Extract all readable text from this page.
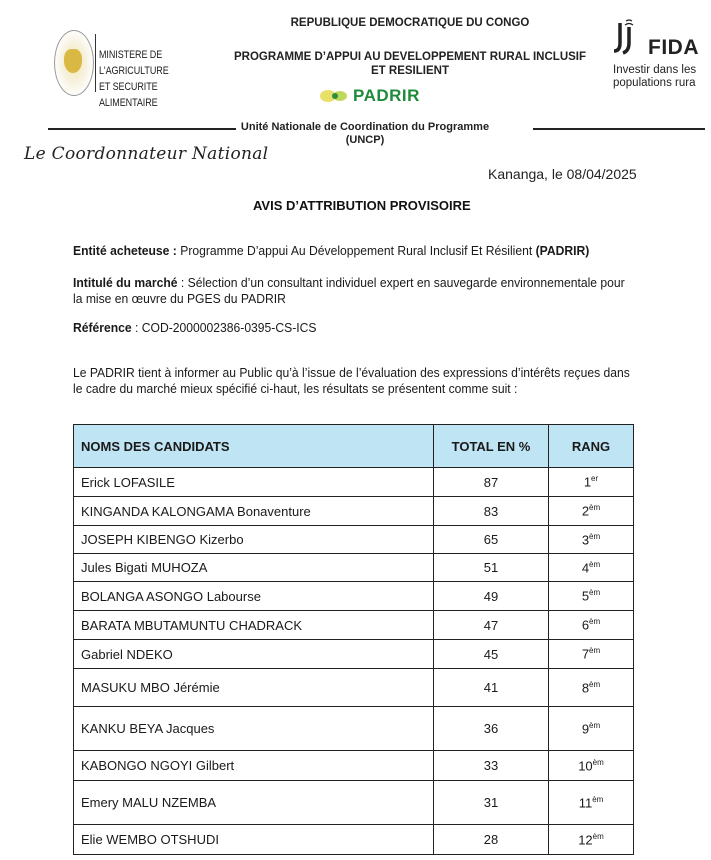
MINISTERE DE L'AGRICULTURE
ET SECURITE ALIMENTAIRE
REPUBLIQUE DEMOCRATIQUE DU CONGO
PROGRAMME D’APPUI AU DEVELOPPEMENT RURAL INCLUSIF
ET RESILIENT
PADRIR
FIDA
Investir dans les
populations rura
Unité Nationale de Coordination du Programme
(UNCP)
Le Coordonnateur National
Kananga, le 08/04/2025
AVIS D’ATTRIBUTION PROVISOIRE
Entité acheteuse : Programme D’appui Au Développement Rural Inclusif Et Résilient (PADRIR)
Intitulé du marché : Sélection d’un consultant individuel expert en sauvegarde environnementale pour
la mise en œuvre du PGES du PADRIR
Référence : COD-2000002386-0395-CS-ICS
Le PADRIR tient à informer au Public qu’à l’issue de l’évaluation des expressions d’intérêts reçues dans
le cadre du marché mieux spécifié ci-haut, les résultats se présentent comme suit :
NOMS DES CANDIDATS	TOTAL EN %	RANG
Erick LOFASILE	87	1er
KINGANDA KALONGAMA Bonaventure	83	$2^{èm}$
JOSEPH KIBENGO Kizerbo	65	$3^{èm}$
Jules Bigati MUHOZA	51	$4^{èm}$
BOLANGA ASONGO Labourse	49	$5^{èm}$
BARATA MBUTAMUNTU CHADRACK	47	$6^{èm}$
Gabriel NDEKO	45	$7^{èm}$
MASUKU MBO Jérémie	41	$8^{èm}$
KANKU BEYA Jacques	36	$9^{èm}$
KABONGO NGOYI Gilbert	33	$10^{èm}$
Emery MALU NZEMBA	31	$11^{èm}$
Elie WEMBO OTSHUDI	28	$12^{èm}$
